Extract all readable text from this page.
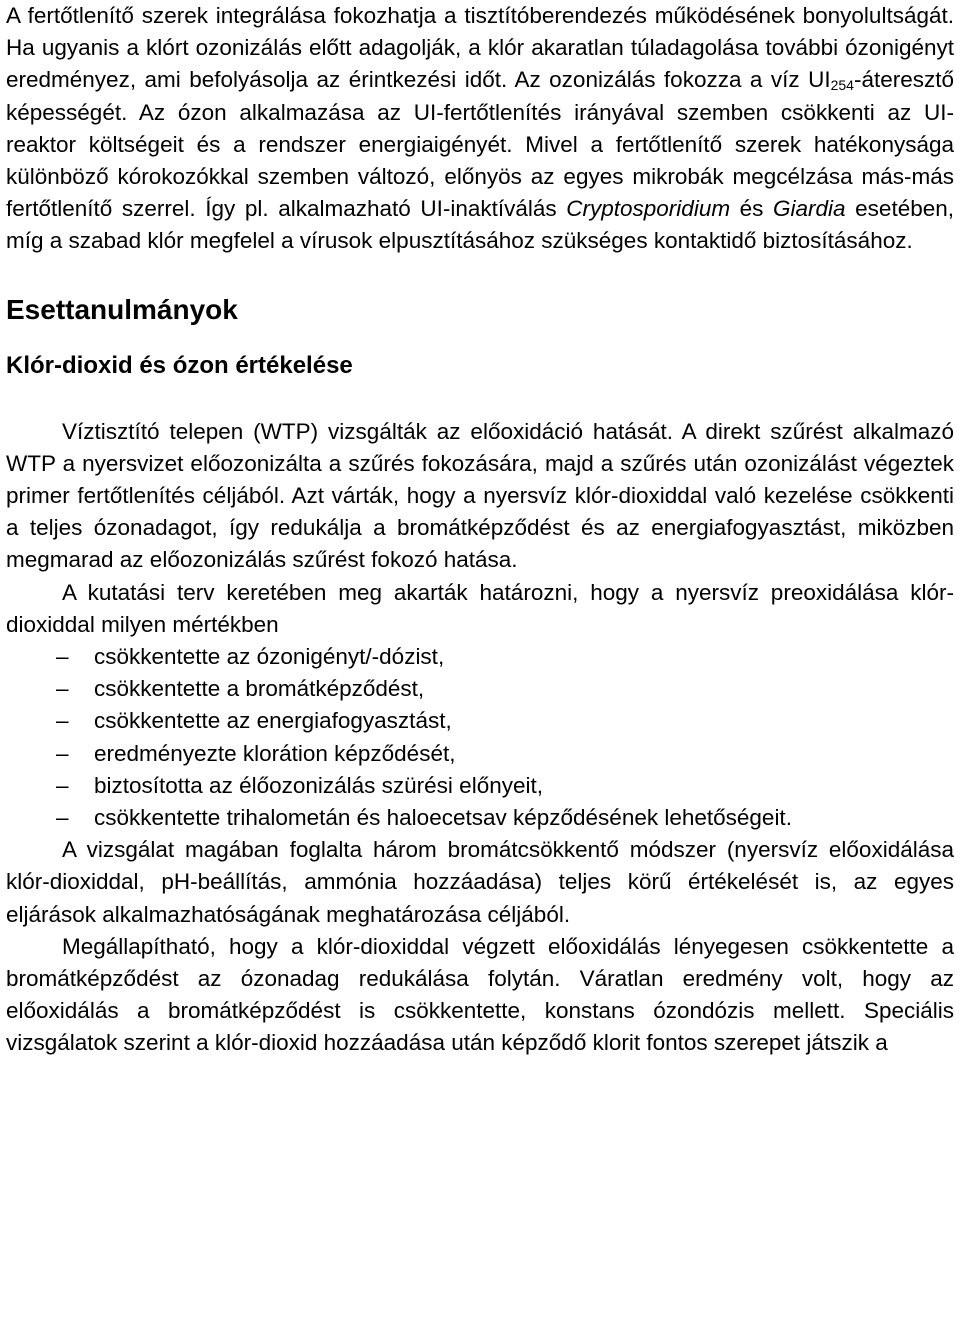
A fertőtlenítő szerek integrálása fokozhatja a tisztítóberendezés működésének bonyolultságát. Ha ugyanis a klórt ozonizálás előtt adagolják, a klór akaratlan túladagolása további ózonigényt eredményez, ami befolyásolja az érintkezési időt. Az ozonizálás fokozza a víz $UI_{254}$-áteresztő képességét. Az ózon alkalmazása az UI-fertőtlenítés irányával szemben csökkenti az UI-reaktor költségeit és a rendszer energiaigényét. Mivel a fertőtlenítő szerek hatékonysága különböző kórokozókkal szemben változó, előnyös az egyes mikrobák megcélzása más-más fertőtlenítő szerrel. Így pl. alkalmazható UI-inaktíválás Cryptosporidium és Giardia esetében, míg a szabad klór megfelel a vírusok elpusztításához szükséges kontaktidő biztosításához.

Esettanulmányok
Klór-dioxid és ózon értékelése

Víztisztító telepen (WTP) vizsgálták az előoxidáció hatását. A direkt szűrést alkalmazó WTP a nyersvizet előozonizálta a szűrés fokozására, majd a szűrés után ozonizálást végeztek primer fertőtlenítés céljából. Azt várták, hogy a nyersvíz klór-dioxiddal való kezelése csökkenti a teljes ózonadagot, így redukálja a bromátképződést és az energiafogyasztást, miközben megmarad az előozonizálás szűrést fokozó hatása.

A kutatási terv keretében meg akarták határozni, hogy a nyersvíz preoxidálása klór-dioxiddal milyen mértékben

–	csökkentette az ózonigényt/-dózist,
–	csökkentette a bromátképződést,
–	csökkentette az energiafogyasztást,
–	eredményezte klorátion képződését,
–	biztosította az élőozonizálás szürési előnyeit,
–	csökkentette trihalometán és haloecetsav képződésének lehetőségeit.

A vizsgálat magában foglalta három bromátcsökkentő módszer (nyersvíz előoxidálása klór-dioxiddal, pH-beállítás, ammónia hozzáadása) teljes körű értékelését is, az egyes eljárások alkalmazhatóságának meghatározása céljából.

Megállapítható, hogy a klór-dioxiddal végzett előoxidálás lényegesen csökkentette a bromátképződést az ózonadag redukálása folytán. Váratlan eredmény volt, hogy az előoxidálás a bromátképződést is csökkentette, konstans ózondózis mellett. Speciális vizsgálatok szerint a klór-dioxid hozzáadása után képződő klorit fontos szerepet játszik a
